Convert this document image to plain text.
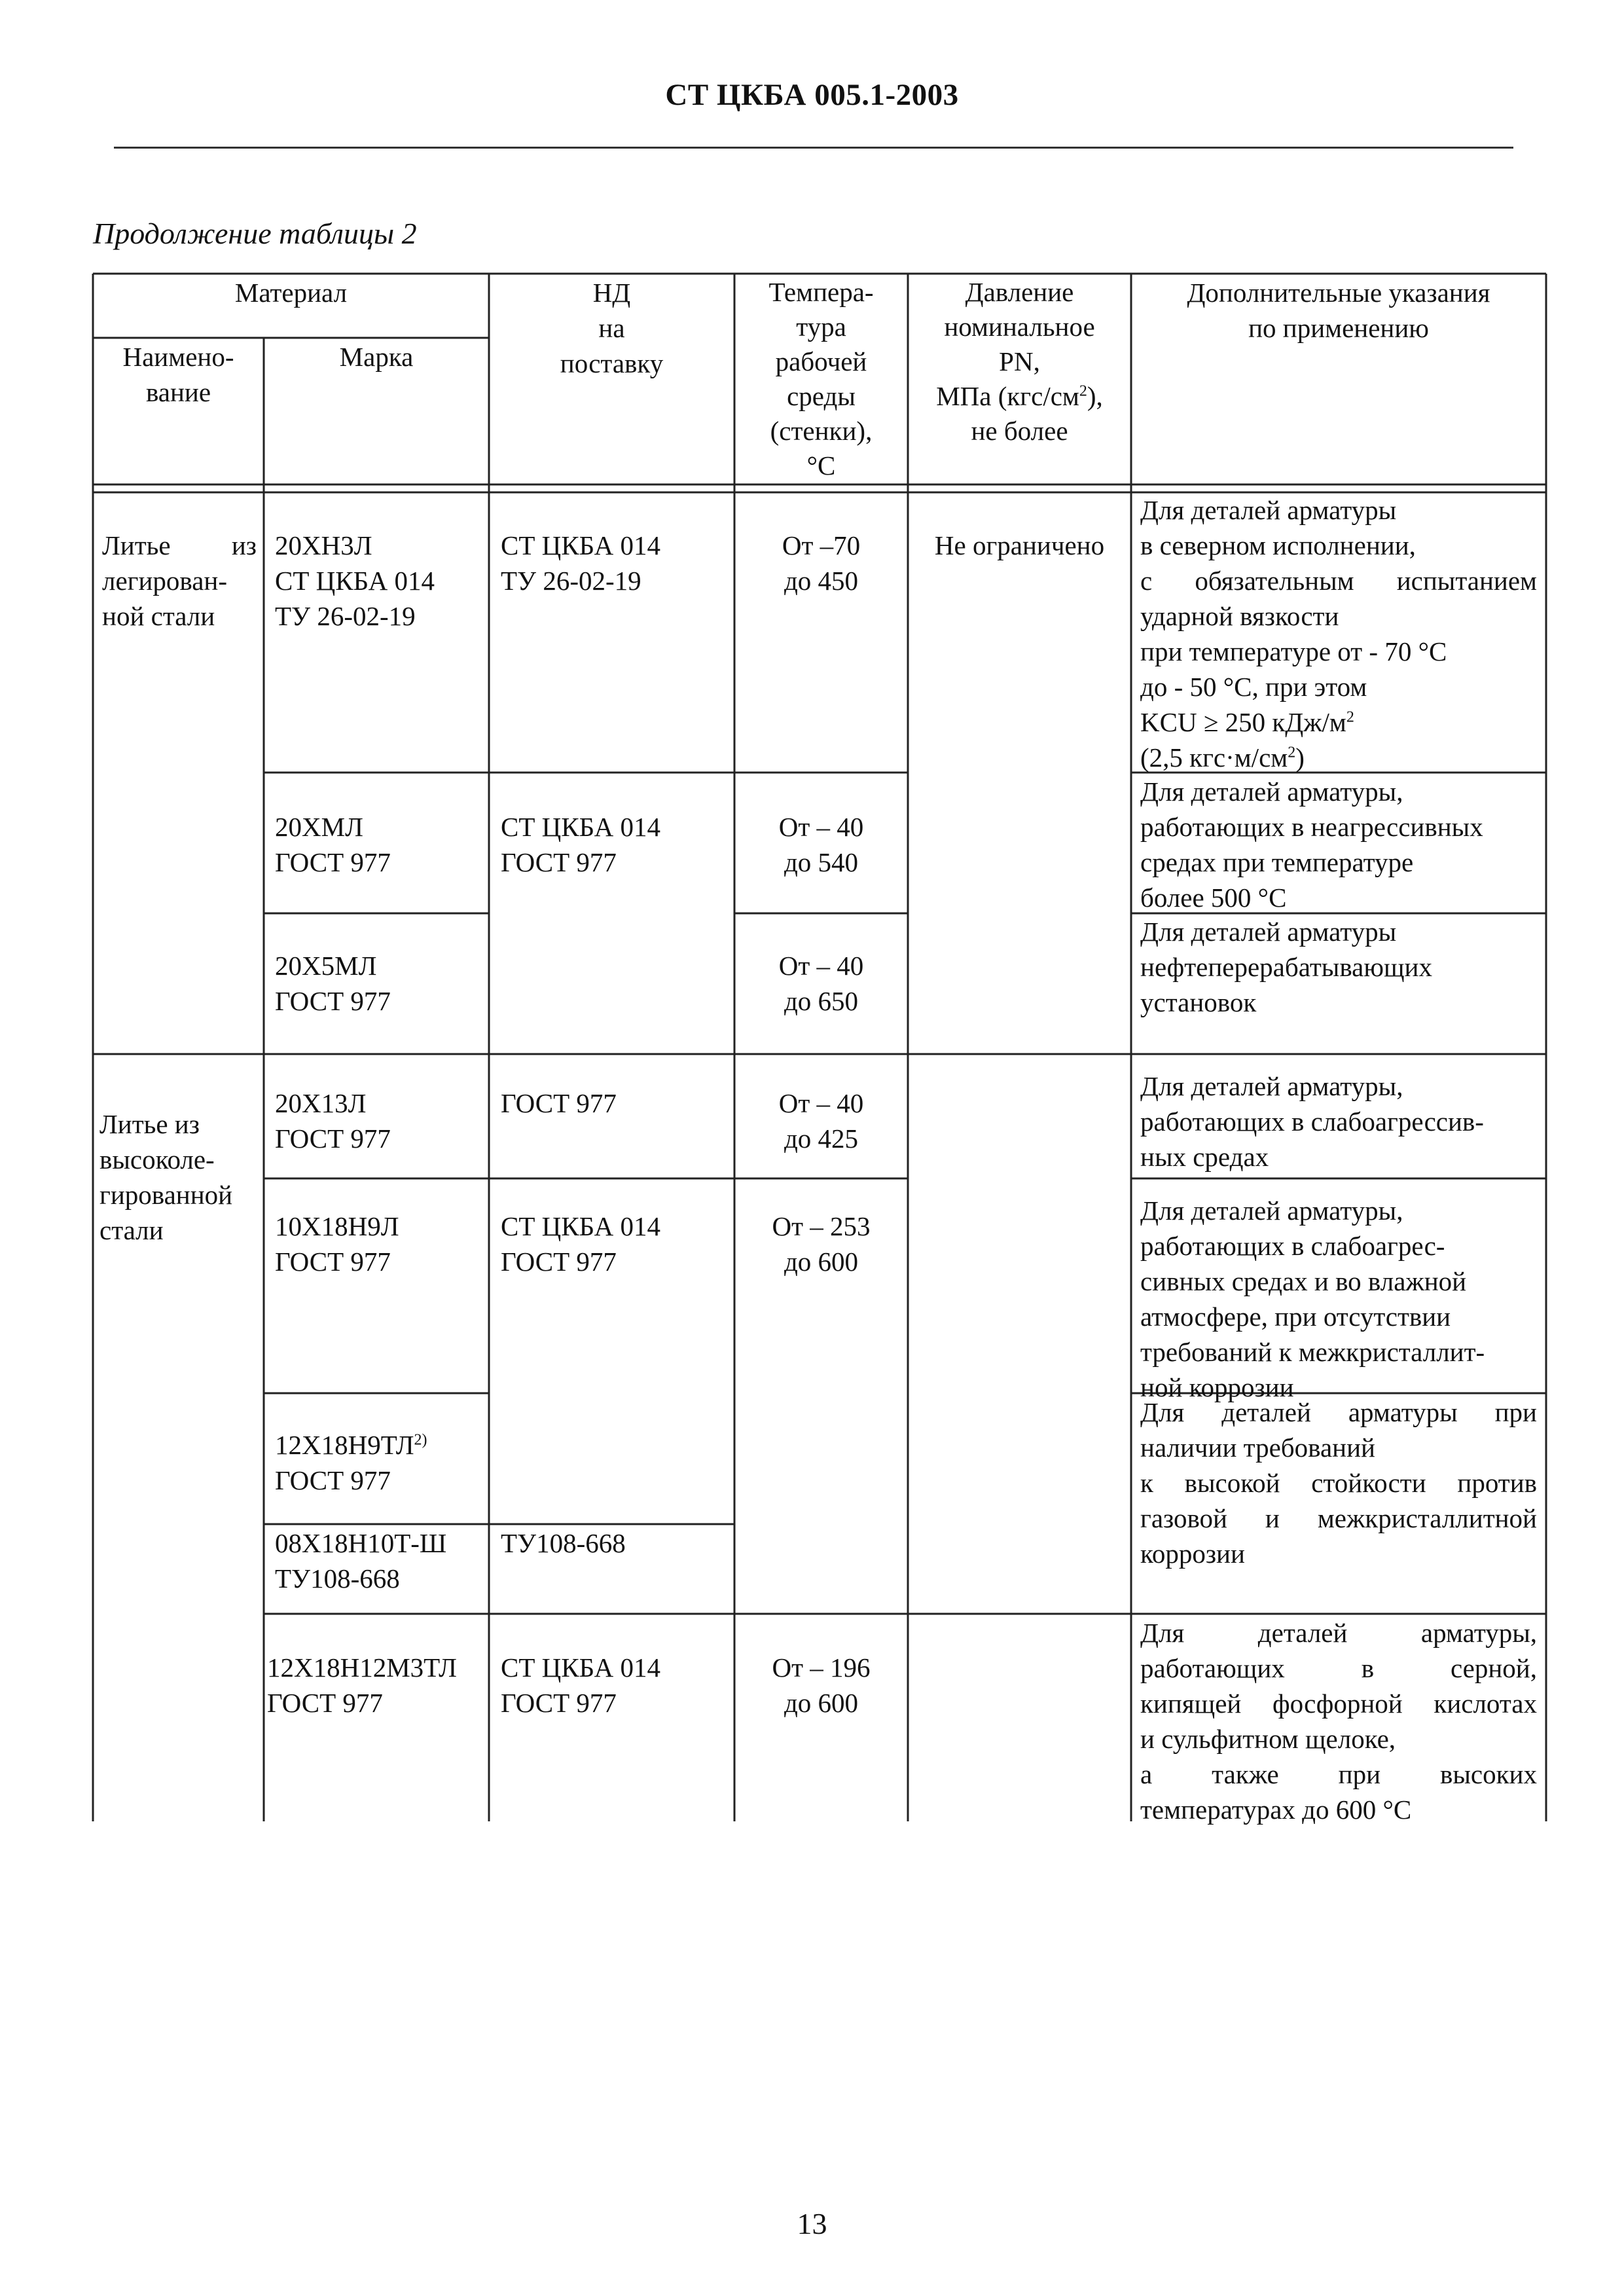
СТ ЦКБА 005.1-2003
Продолжение таблицы 2
Материал
Наимено-
вание
Марка
НД
на
поставку
Темпера-
тура
рабочей
среды
(стенки),
°С
Давление
номинальное
PN,
МПа $(кгс/см^2)$,
не более
Дополнительные указания
по применению
Литье из
легирован-
ной стали
Литье из
высоколе-
гированной
стали
20ХН3Л
СТ ЦКБА 014
ТУ 26-02-19
СТ ЦКБА 014
ТУ 26-02-19
От –70
до 450
Не ограничено

Для деталей арматуры

в северном исполнении,

с обязательным испытанием

ударной вязкости

при температуре от - 70 °С

до - 50 °С, при этом

KCU ≥ 250 кДж/$м^2$

(2,5 $кгс\cdot м/см^2$)

20ХМЛ
ГОСТ 977
СТ ЦКБА 014
ГОСТ 977
От – 40
до 540
Для деталей арматуры,
работающих в неагрессивных
средах при температуре
более 500 °С
20Х5МЛ
ГОСТ 977
От – 40
до 650
Для деталей арматуры
нефтеперерабатывающих
установок
20Х13Л
ГОСТ 977
ГОСТ 977	От – 40
до 425
Для деталей арматуры,
работающих в слабоагрессив-
ных средах
10Х18Н9Л
ГОСТ 977
СТ ЦКБА 014
ГОСТ 977
От – 253
до 600
Для деталей арматуры,
работающих в слабоагрес-
сивных средах и во влажной
атмосфере, при отсутствии
требований к межкристаллит-
ной коррозии
12Х18Н9ТЛ$^{2)}$
ГОСТ 977

Для деталей арматуры при

наличии требований

к высокой стойкости против

газовой и межкристаллитной

коррозии

08Х18Н10Т-Ш
ТУ108-668
ТУ108-668
12Х18Н12М3ТЛ
ГОСТ 977
СТ ЦКБА 014
ГОСТ 977
От – 196
до 600

Для деталей арматуры,

работающих в серной,

кипящей фосфорной кислотах

и сульфитном щелоке,

а также при высоких

температурах до 600 °С

13
